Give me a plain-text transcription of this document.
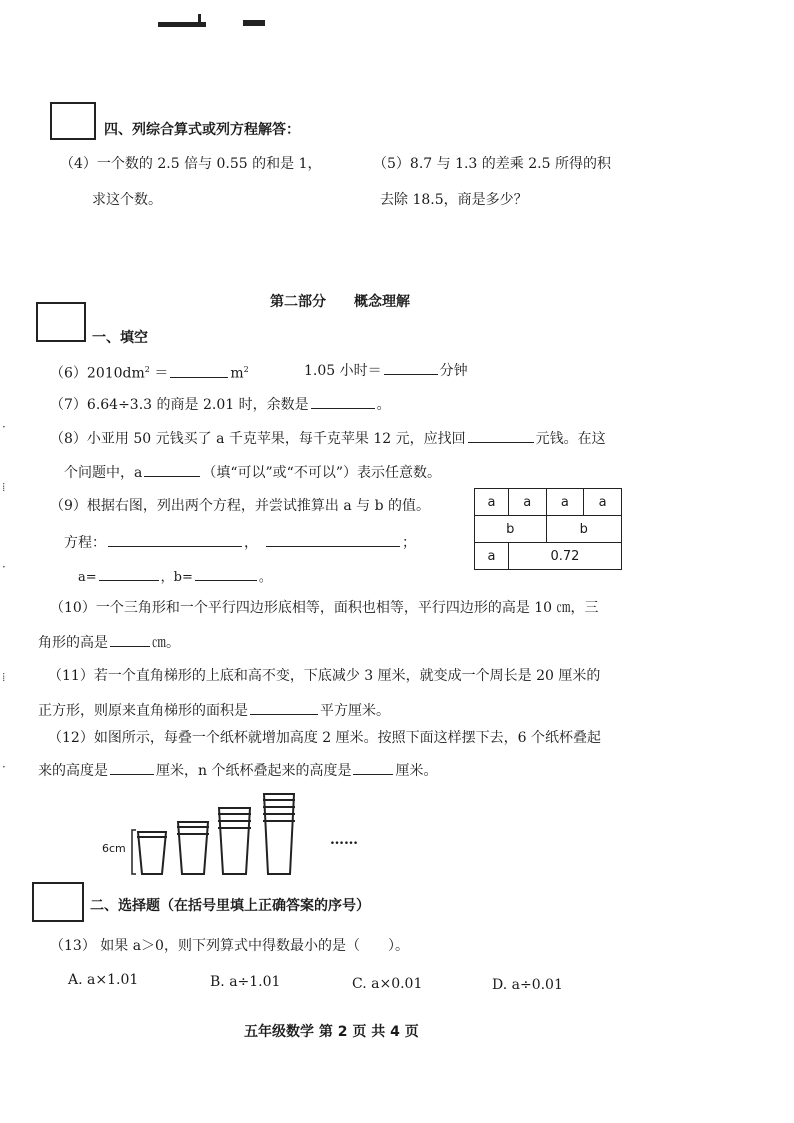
·
⁞
·
⁞
·
四、列综合算式或列方程解答：
（4）一个数的 2.5 倍与 0.55 的和是 1，
求这个数。
（5）8.7 与 1.3 的差乘 2.5 所得的积
去除 18.5，商是多少？
第二部分　　概念理解
一、填空
$(6)2010dm^2$ ＝	$m^2$	1.05 小时＝	分钟
（7）6.64÷3.3 的商是 2.01 时，余数是	。
（8）小亚用 50 元钱买了 a 千克苹果，每千克苹果 12 元，应找回	元钱。在这
个问题中，a	（填“可以”或“不可以”）表示任意数。
（9）根据右图，列出两个方程，并尝试推算出 a 与 b 的值。
方程：	，	；
a=	，b=	。
a	a	a	a
b		b	
a	0.72		
（10）一个三角形和一个平行四边形底相等，面积也相等，平行四边形的高是 10 ㎝，三
角形的高是	㎝。
（11）若一个直角梯形的上底和高不变，下底减少 3 厘米，就变成一个周长是 20 厘米的
正方形，则原来直角梯形的面积是	平方厘米。
（12）如图所示，每叠一个纸杯就增加高度 2 厘米。按照下面这样摆下去，6 个纸杯叠起
来的高度是	厘米，n 个纸杯叠起来的高度是	厘米。
6cm
……
二、选择题（在括号里填上正确答案的序号）
（13） 如果 a＞0，则下列算式中得数最小的是（　　）。
A. a×1.01	B. a÷1.01	C. a×0.01	D. a÷0.01
五年级数学 第 2 页 共 4 页
